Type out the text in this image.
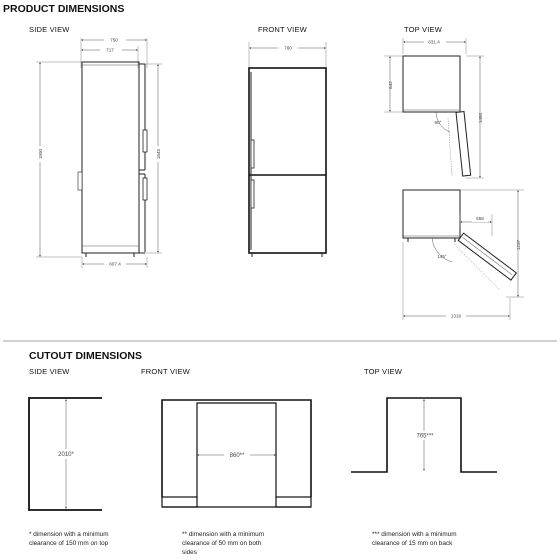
PRODUCT DIMENSIONS
SIDE VIEW
750
717
1890	1845
607.4
FRONT VIEW
760
TOP VIEW
831.4
642
90°	1480
558
145°
1237
1316
CUTOUT DIMENSIONS
SIDE VIEW	FRONT VIEW	TOP VIEW
2010*	860**
765***
* dimension with a minimum
clearance of 150 mm on top
** dimension with a minimum
clearance of 50 mm on both
sides
*** dimension with a minimum
clearance of 15 mm on back
